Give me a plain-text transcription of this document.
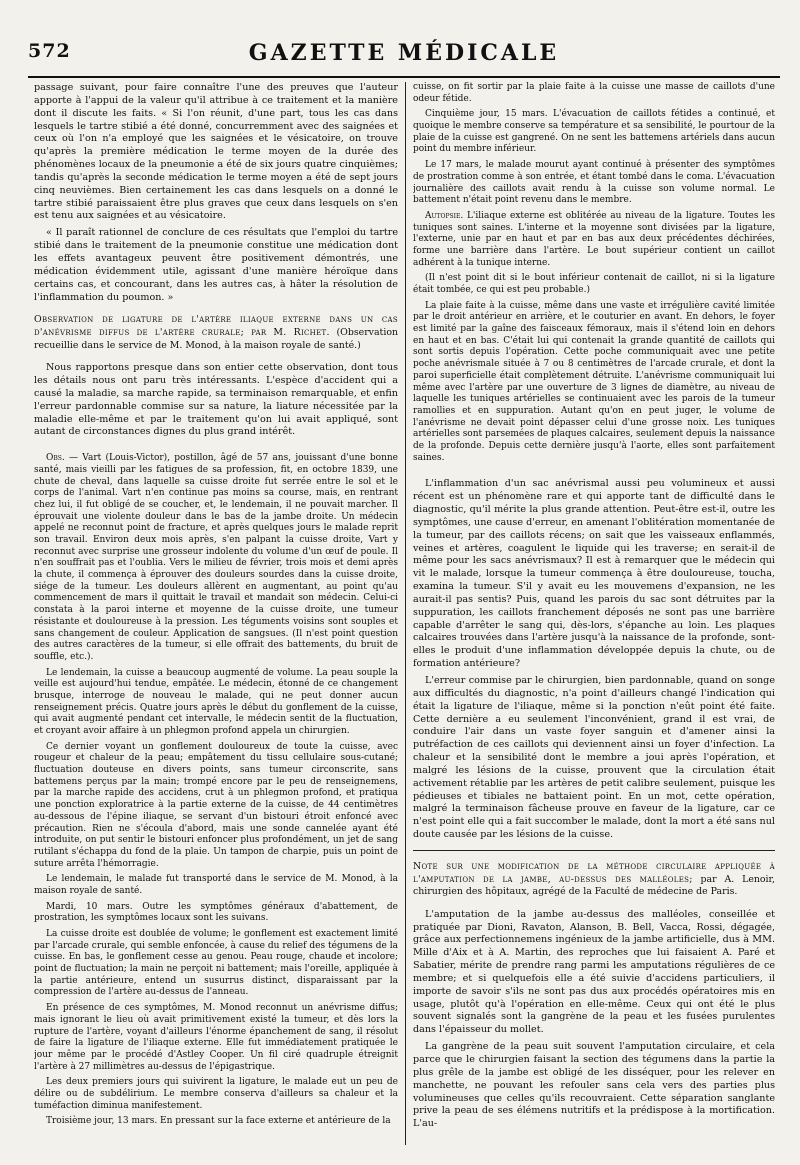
572	GAZETTE MÉDICALE

passage suivant, pour faire connaître l'une des preuves que l'auteur apporte à l'appui de la valeur qu'il attribue à ce traitement et la manière dont il discute les faits. « Si l'on réunit, d'une part, tous les cas dans lesquels le tartre stibié a été donné, concurremment avec des saignées et ceux où l'on n'a employé que les saignées et le vésicatoire, on trouve qu'après la première médication le terme moyen de la durée des phénomènes locaux de la pneumonie a été de six jours quatre cinquièmes; tandis qu'après la seconde médication le terme moyen a été de sept jours cinq neuvièmes. Bien certainement les cas dans lesquels on a donné le tartre stibié paraissaient être plus graves que ceux dans lesquels on s'en est tenu aux saignées et au vésicatoire.

« Il paraît rationnel de conclure de ces résultats que l'emploi du tartre stibié dans le traitement de la pneumonie constitue une médication dont les effets avantageux peuvent être positivement démontrés, une médication évidemment utile, agissant d'une manière héroïque dans certains cas, et concourant, dans les autres cas, à hâter la résolution de l'inflammation du poumon. »

Observation de ligature de l'artère iliaque externe dans un cas d'anévrisme diffus de l'artère crurale; par M. Richet. (Observation recueillie dans le service de M. Monod, à la maison royale de santé.)

Nous rapportons presque dans son entier cette observation, dont tous les détails nous ont paru très intéressants. L'espèce d'accident qui a causé la maladie, sa marche rapide, sa terminaison remarquable, et enfin l'erreur pardonnable commise sur sa nature, la liature nécessitée par la maladie elle-même et par le traitement qu'on lui avait appliqué, sont autant de circonstances dignes du plus grand intérêt.

Obs. — Vart (Louis-Victor), postillon, âgé de 57 ans, jouissant d'une bonne santé, mais vieilli par les fatigues de sa profession, fit, en octobre 1839, une chute de cheval, dans laquelle sa cuisse droite fut serrée entre le sol et le corps de l'animal. Vart n'en continue pas moins sa course, mais, en rentrant chez lui, il fut obligé de se coucher, et, le lendemain, il ne pouvait marcher. Il éprouvait une violente douleur dans le bas de la jambe droite. Un médecin appelé ne reconnut point de fracture, et après quelques jours le malade reprit son travail. Environ deux mois après, s'en palpant la cuisse droite, Vart y reconnut avec surprise une grosseur indolente du volume d'un œuf de poule. Il n'en souffrait pas et l'oublia. Vers le milieu de février, trois mois et demi après la chute, il commença à éprouver des douleurs sourdes dans la cuisse droite, siége de la tumeur. Les douleurs allèrent en augmentant, au point qu'au commencement de mars il quittait le travail et mandait son médecin. Celui-ci constata à la paroi interne et moyenne de la cuisse droite, une tumeur résistante et douloureuse à la pression. Les téguments voisins sont souples et sans changement de couleur. Application de sangsues. (Il n'est point question des autres caractères de la tumeur, si elle offrait des battements, du bruit de souffle, etc.).

Le lendemain, la cuisse a beaucoup augmenté de volume. La peau souple la veille est aujourd'hui tendue, empâtée. Le médecin, étonné de ce changement brusque, interroge de nouveau le malade, qui ne peut donner aucun renseignement précis. Quatre jours après le début du gonflement de la cuisse, qui avait augmenté pendant cet intervalle, le médecin sentit de la fluctuation, et croyant avoir affaire à un phlegmon profond appela un chirurgien.

Ce dernier voyant un gonflement douloureux de toute la cuisse, avec rougeur et chaleur de la peau; empâtement du tissu cellulaire sous-cutané; fluctuation douteuse en divers points, sans tumeur circonscrite, sans battemens perçus par la main; trompé encore par le peu de renseignemens, par la marche rapide des accidens, crut à un phlegmon profond, et pratiqua une ponction exploratrice à la partie externe de la cuisse, de 44 centimètres au-dessous de l'épine iliaque, se servant d'un bistouri étroit enfoncé avec précaution. Rien ne s'écoula d'abord, mais une sonde cannelée ayant été introduite, on put sentir le bistouri enfoncer plus profondément, un jet de sang rutilant s'échappa du fond de la plaie. Un tampon de charpie, puis un point de suture arrêta l'hémorragie.

Le lendemain, le malade fut transporté dans le service de M. Monod, à la maison royale de santé.

Mardi, 10 mars. Outre les symptômes généraux d'abattement, de prostration, les symptômes locaux sont les suivans.

La cuisse droite est doublée de volume; le gonflement est exactement limité par l'arcade crurale, qui semble enfoncée, à cause du relief des tégumens de la cuisse. En bas, le gonflement cesse au genou. Peau rouge, chaude et incolore; point de fluctuation; la main ne perçoit ni battement; mais l'oreille, appliquée à la partie antérieure, entend un susurrus distinct, disparaissant par la compression de l'artère au-dessus de l'anneau.

En présence de ces symptômes, M. Monod reconnut un anévrisme diffus; mais ignorant le lieu où avait primitivement existé la tumeur, et dès lors la rupture de l'artère, voyant d'ailleurs l'énorme épanchement de sang, il résolut de faire la ligature de l'iliaque externe. Elle fut immédiatement pratiquée le jour même par le procédé d'Astley Cooper. Un fil ciré quadruple étreignit l'artère à 27 millimètres au-dessus de l'épigastrique.

Les deux premiers jours qui suivirent la ligature, le malade eut un peu de délire ou de subdélirium. Le membre conserva d'ailleurs sa chaleur et la tuméfaction diminua manifestement.

Troisième jour, 13 mars. En pressant sur la face externe et antérieure de la

cuisse, on fit sortir par la plaie faite à la cuisse une masse de caillots d'une odeur fétide.

Cinquième jour, 15 mars. L'évacuation de caillots fétides a continué, et quoique le membre conserve sa température et sa sensibilité, le pourtour de la plaie de la cuisse est gangrené. On ne sent les battemens artériels dans aucun point du membre inférieur.

Le 17 mars, le malade mourut ayant continué à présenter des symptômes de prostration comme à son entrée, et étant tombé dans le coma. L'évacuation journalière des caillots avait rendu à la cuisse son volume normal. Le battement n'était point revenu dans le membre.

Autopsie. L'iliaque externe est oblitérée au niveau de la ligature. Toutes les tuniques sont saines. L'interne et la moyenne sont divisées par la ligature, l'externe, unie par en haut et par en bas aux deux précédentes déchirées, forme une barrière dans l'artère. Le bout supérieur contient un caillot adhérent à la tunique interne.

(Il n'est point dit si le bout inférieur contenait de caillot, ni si la ligature était tombée, ce qui est peu probable.)

La plaie faite à la cuisse, même dans une vaste et irrégulière cavité limitée par le droit antérieur en arrière, et le couturier en avant. En dehors, le foyer est limité par la gaîne des faisceaux fémoraux, mais il s'étend loin en dehors en haut et en bas. C'était lui qui contenait la grande quantité de caillots qui sont sortis depuis l'opération. Cette poche communiquait avec une petite poche anévrismale située à 7 ou 8 centimètres de l'arcade crurale, et dont la paroi superficielle était complètement détruite. L'anévrisme communiquait lui même avec l'artère par une ouverture de 3 lignes de diamètre, au niveau de laquelle les tuniques artérielles se continuaient avec les parois de la tumeur ramollies et en suppuration. Autant qu'on en peut juger, le volume de l'anévrisme ne devait point dépasser celui d'une grosse noix. Les tuniques artérielles sont parsemées de plaques calcaires, seulement depuis la naissance de la profonde. Depuis cette dernière jusqu'à l'aorte, elles sont parfaitement saines.

L'inflammation d'un sac anévrismal aussi peu volumineux et aussi récent est un phénomène rare et qui apporte tant de difficulté dans le diagnostic, qu'il mérite la plus grande attention. Peut-être est-il, outre les symptômes, une cause d'erreur, en amenant l'oblitération momentanée de la tumeur, par des caillots récens; on sait que les vaisseaux enflammés, veines et artères, coagulent le liquide qui les traverse; en serait-il de même pour les sacs anévrismaux? Il est à remarquer que le médecin qui vit le malade, lorsque la tumeur commença à être douloureuse, toucha, examina la tumeur. S'il y avait eu les mouvemens d'expansion, ne les aurait-il pas sentis? Puis, quand les parois du sac sont détruites par la suppuration, les caillots franchement déposés ne sont pas une barrière capable d'arrêter le sang qui, dès-lors, s'épanche au loin. Les plaques calcaires trouvées dans l'artère jusqu'à la naissance de la profonde, sont-elles le produit d'une inflammation développée depuis la chute, ou de formation antérieure?

L'erreur commise par le chirurgien, bien pardonnable, quand on songe aux difficultés du diagnostic, n'a point d'ailleurs changé l'indication qui était la ligature de l'iliaque, même si la ponction n'eût point été faite. Cette dernière a eu seulement l'inconvénient, grand il est vrai, de conduire l'air dans un vaste foyer sanguin et d'amener ainsi la putréfaction de ces caillots qui deviennent ainsi un foyer d'infection. La chaleur et la sensibilité dont le membre a joui après l'opération, et malgré les lésions de la cuisse, prouvent que la circulation était activement rétablie par les artères de petit calibre seulement, puisque les pédieuses et tibiales ne battaient point. En un mot, cette opération, malgré la terminaison fâcheuse prouve en faveur de la ligature, car ce n'est point elle qui a fait succomber le malade, dont la mort a été sans nul doute causée par les lésions de la cuisse.

Note sur une modification de la méthode circulaire appliquée à l'amputation de la jambe, au-dessus des malléoles; par A. Lenoir, chirurgien des hôpitaux, agrégé de la Faculté de médecine de Paris.

L'amputation de la jambe au-dessus des malléoles, conseillée et pratiquée par Dioni, Ravaton, Alanson, B. Bell, Vacca, Rossi, dégagée, grâce aux perfectionnemens ingénieux de la jambe artificielle, dus à MM. Mille d'Aix et à A. Martin, des reproches que lui faisaient A. Paré et Sabatier, mérite de prendre rang parmi les amputations régulières de ce membre; et si quelquefois elle a été suivie d'accidens particuliers, il importe de savoir s'ils ne sont pas dus aux procédés opératoires mis en usage, plutôt qu'à l'opération en elle-même. Ceux qui ont été le plus souvent signalés sont la gangrène de la peau et les fusées purulentes dans l'épaisseur du mollet.

La gangrène de la peau suit souvent l'amputation circulaire, et cela parce que le chirurgien faisant la section des tégumens dans la partie la plus grêle de la jambe est obligé de les disséquer, pour les relever en manchette, ne pouvant les refouler sans cela vers des parties plus volumineuses que celles qu'ils recouvraient. Cette séparation sanglante prive la peau de ses élémens nutritifs et la prédispose à la mortification. L'au-
